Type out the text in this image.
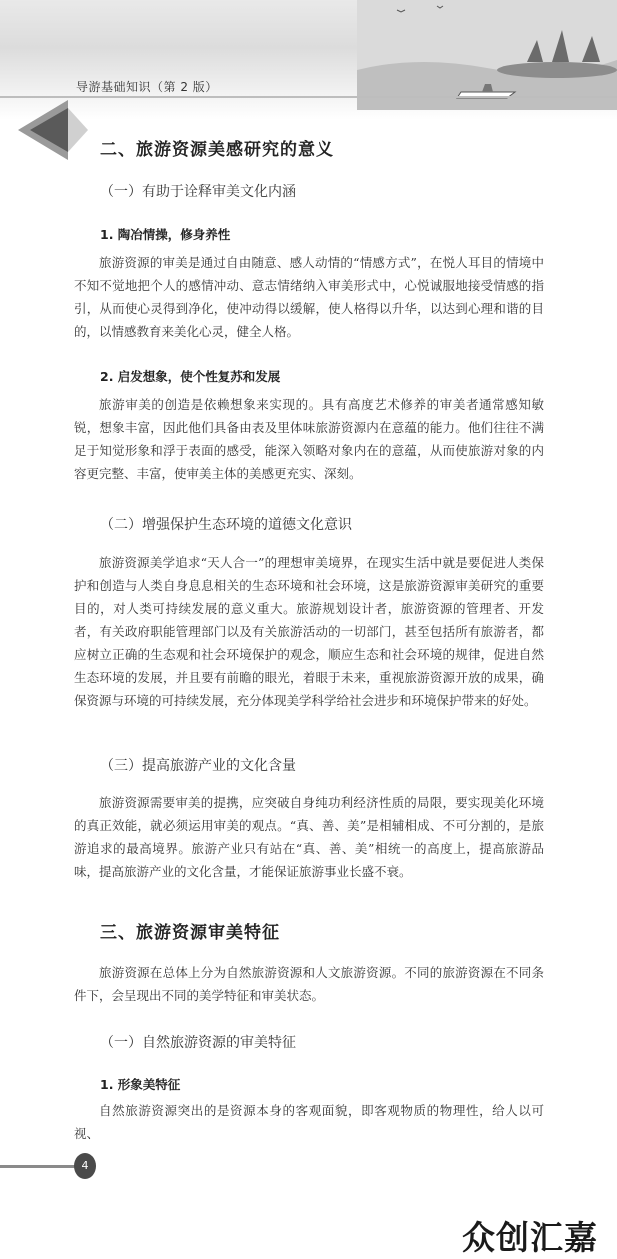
导游基础知识（第 2 版）
二、旅游资源美感研究的意义
（一）有助于诠释审美文化内涵
1. 陶冶情操，修身养性

旅游资源的审美是通过自由随意、感人动情的“情感方式”，在悦人耳目的情境中不知不觉地把个人的感情冲动、意志情绪纳入审美形式中，心悦诚服地接受情感的指引，从而使心灵得到净化，使冲动得以缓解，使人格得以升华，以达到心理和谐的目的，以情感教育来美化心灵，健全人格。

2. 启发想象，使个性复苏和发展

旅游审美的创造是依赖想象来实现的。具有高度艺术修养的审美者通常感知敏锐，想象丰富，因此他们具备由表及里体味旅游资源内在意蕴的能力。他们往往不满足于知觉形象和浮于表面的感受，能深入领略对象内在的意蕴，从而使旅游对象的内容更完整、丰富，使审美主体的美感更充实、深刻。

（二）增强保护生态环境的道德文化意识

旅游资源美学追求“天人合一”的理想审美境界，在现实生活中就是要促进人类保护和创造与人类自身息息相关的生态环境和社会环境，这是旅游资源审美研究的重要目的，对人类可持续发展的意义重大。旅游规划设计者，旅游资源的管理者、开发者，有关政府职能管理部门以及有关旅游活动的一切部门，甚至包括所有旅游者，都应树立正确的生态观和社会环境保护的观念，顺应生态和社会环境的规律，促进自然生态环境的发展，并且要有前瞻的眼光，着眼于未来，重视旅游资源开放的成果，确保资源与环境的可持续发展，充分体现美学科学给社会进步和环境保护带来的好处。

（三）提高旅游产业的文化含量

旅游资源需要审美的提携，应突破自身纯功利经济性质的局限，要实现美化环境的真正效能，就必须运用审美的观点。“真、善、美”是相辅相成、不可分割的，是旅游追求的最高境界。旅游产业只有站在“真、善、美”相统一的高度上，提高旅游品味，提高旅游产业的文化含量，才能保证旅游事业长盛不衰。

三、旅游资源审美特征

旅游资源在总体上分为自然旅游资源和人文旅游资源。不同的旅游资源在不同条件下，会呈现出不同的美学特征和审美状态。

（一）自然旅游资源的审美特征
1. 形象美特征

自然旅游资源突出的是资源本身的客观面貌，即客观物质的物理性，给人以可视、

4
众创汇嘉
